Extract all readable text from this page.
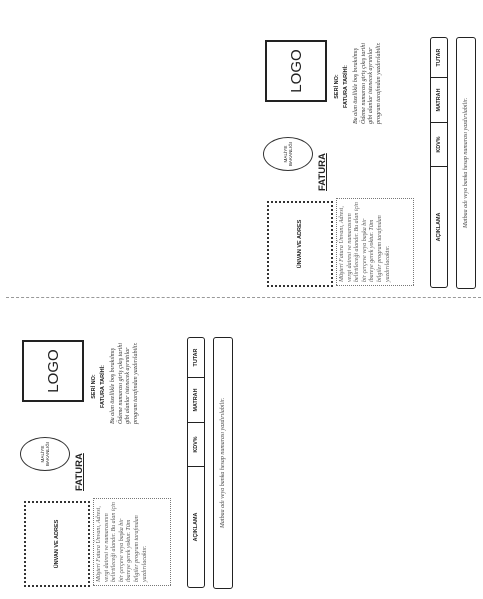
ÜNVAN VE ADRES
MALİYE
BAKANLIĞI
LOGO
FATURA
Müşteri Fatura Ünvanı, Adresi, vergi dairesi ve numarasının belirtileceği alandır. Bu alan için bir çerçeve veya başka bir ibareye gerek yoktur. Tüm bilgiler program tarafından yazdırılacaktır.
SERİ NO: FATURA TARİHİ: Bu alan özellikle boş bırakılmış Ödeme numarası giriş çıkış tarihi gibi alanlar istenecek ayrıntılar program tarafından yazdırılabilir.
AÇIKLAMA
KDV%
MATRAH
TUTAR
Matbaa adı veya banka hesap numarası yazdırılabilir.
ÜNVAN VE ADRES
MALİYE
BAKANLIĞI
LOGO
FATURA
Müşteri Fatura Ünvanı, Adresi, vergi dairesi ve numarasının belirtileceği alandır. Bu alan için bir çerçeve veya başka bir ibareye gerek yoktur. Tüm bilgiler program tarafından yazdırılacaktır.
SERİ NO: FATURA TARİHİ: Bu alan özellikle boş bırakılmış Ödeme numarası giriş çıkış tarihi gibi alanlar istenecek ayrıntılar program tarafından yazdırılabilir.
AÇIKLAMA
KDV%
MATRAH
TUTAR
Matbaa adı veya banka hesap numarası yazdırılabilir.
